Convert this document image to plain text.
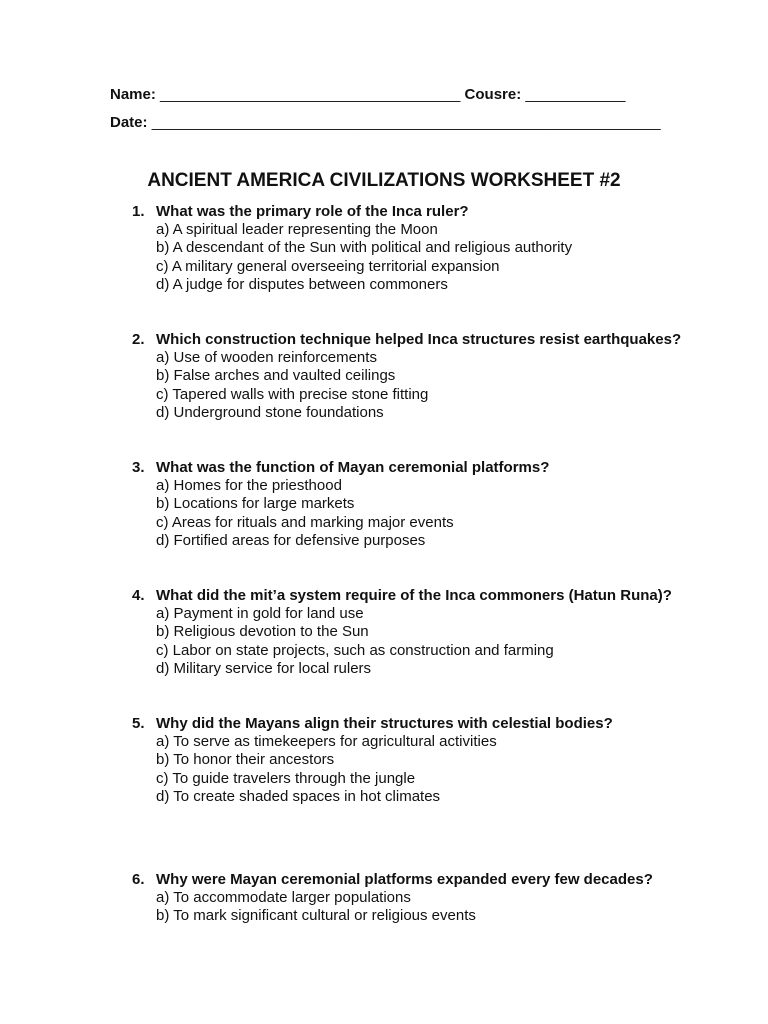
Name: ____________________________________ Cousre: ____________
Date: _____________________________________________________________
ANCIENT AMERICA CIVILIZATIONS WORKSHEET #2
1. What was the primary role of the Inca ruler?
a) A spiritual leader representing the Moon
b) A descendant of the Sun with political and religious authority
c) A military general overseeing territorial expansion
d) A judge for disputes between commoners
2. Which construction technique helped Inca structures resist earthquakes?
a) Use of wooden reinforcements
b) False arches and vaulted ceilings
c) Tapered walls with precise stone fitting
d) Underground stone foundations
3. What was the function of Mayan ceremonial platforms?
a) Homes for the priesthood
b) Locations for large markets
c) Areas for rituals and marking major events
d) Fortified areas for defensive purposes
4. What did the mit’a system require of the Inca commoners (Hatun Runa)?
a) Payment in gold for land use
b) Religious devotion to the Sun
c) Labor on state projects, such as construction and farming
d) Military service for local rulers
5. Why did the Mayans align their structures with celestial bodies?
a) To serve as timekeepers for agricultural activities
b) To honor their ancestors
c) To guide travelers through the jungle
d) To create shaded spaces in hot climates
6. Why were Mayan ceremonial platforms expanded every few decades?
a) To accommodate larger populations
b) To mark significant cultural or religious events
